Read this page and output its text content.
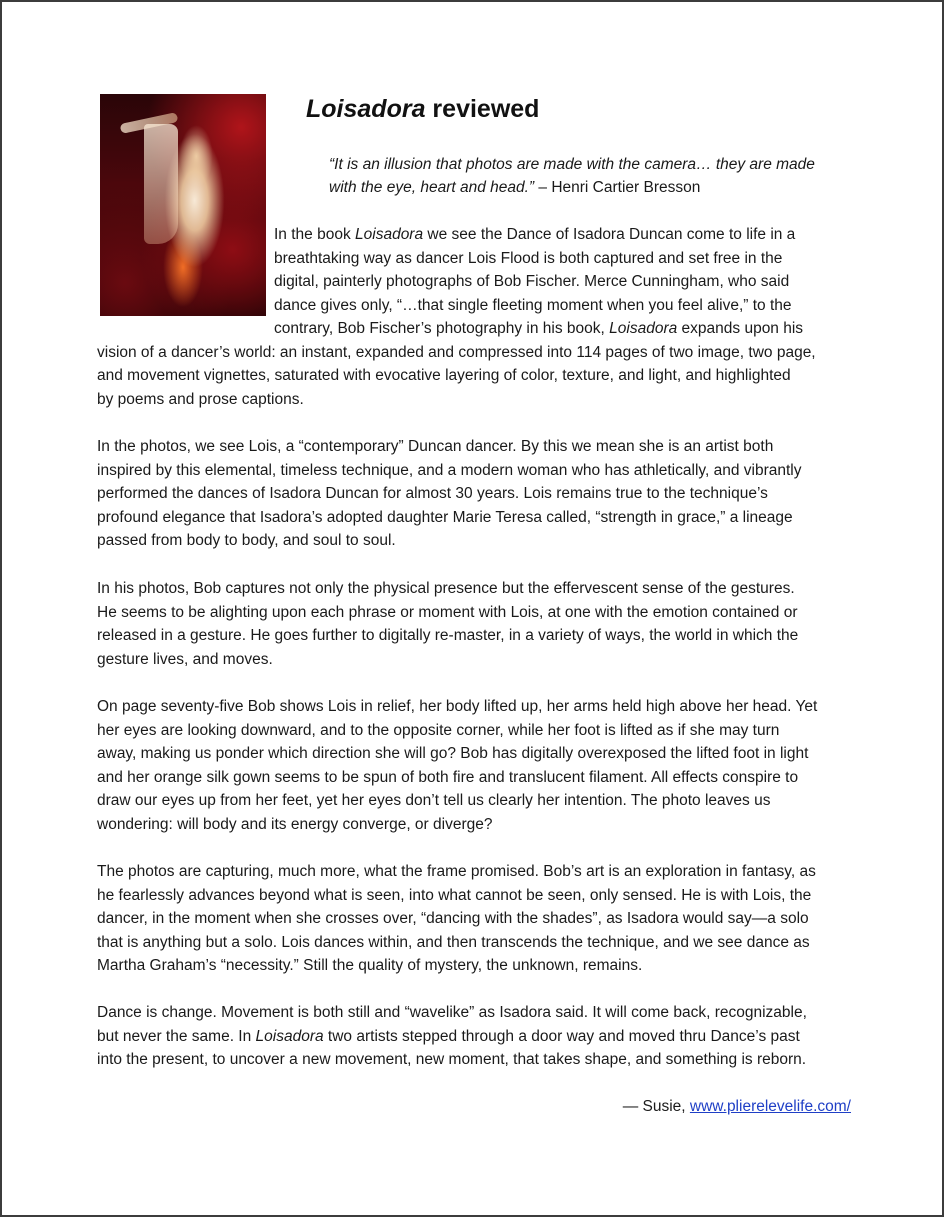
Loisadora reviewed

“It is an illusion that photos are made with the camera… they are made
with the eye, heart and head.” – Henri Cartier Bresson

In the book Loisadora we see the Dance of Isadora Duncan come to life in a
breathtaking way as dancer Lois Flood is both captured and set free in the
digital, painterly photographs of Bob Fischer. Merce Cunningham, who said
dance gives only, “…that single fleeting moment when you feel alive,” to the
contrary, Bob Fischer’s photography in his book, Loisadora expands upon his
vision of a dancer’s world: an instant, expanded and compressed into 114 pages of two image, two page,
and movement vignettes, saturated with evocative layering of color, texture, and light, and highlighted
by poems and prose captions.

In the photos, we see Lois, a “contemporary” Duncan dancer. By this we mean she is an artist both
inspired by this elemental, timeless technique, and a modern woman who has athletically, and vibrantly
performed the dances of Isadora Duncan for almost 30 years. Lois remains true to the technique’s
profound elegance that Isadora’s adopted daughter Marie Teresa called, “strength in grace,” a lineage
passed from body to body, and soul to soul.

In his photos, Bob captures not only the physical presence but the effervescent sense of the gestures.
He seems to be alighting upon each phrase or moment with Lois, at one with the emotion contained or
released in a gesture. He goes further to digitally re-master, in a variety of ways, the world in which the
gesture lives, and moves.

On page seventy-five Bob shows Lois in relief, her body lifted up, her arms held high above her head. Yet
her eyes are looking downward, and to the opposite corner, while her foot is lifted as if she may turn
away, making us ponder which direction she will go? Bob has digitally overexposed the lifted foot in light
and her orange silk gown seems to be spun of both fire and translucent filament. All effects conspire to
draw our eyes up from her feet, yet her eyes don’t tell us clearly her intention. The photo leaves us
wondering: will body and its energy converge, or diverge?

The photos are capturing, much more, what the frame promised. Bob’s art is an exploration in fantasy, as
he fearlessly advances beyond what is seen, into what cannot be seen, only sensed. He is with Lois, the
dancer, in the moment when she crosses over, “dancing with the shades”, as Isadora would say—a solo
that is anything but a solo. Lois dances within, and then transcends the technique, and we see dance as
Martha Graham’s “necessity.” Still the quality of mystery, the unknown, remains.

Dance is change. Movement is both still and “wavelike” as Isadora said. It will come back, recognizable,
but never the same. In Loisadora two artists stepped through a door way and moved thru Dance’s past
into the present, to uncover a new movement, new moment, that takes shape, and something is reborn.

— Susie, www.plierelevelife.com/
